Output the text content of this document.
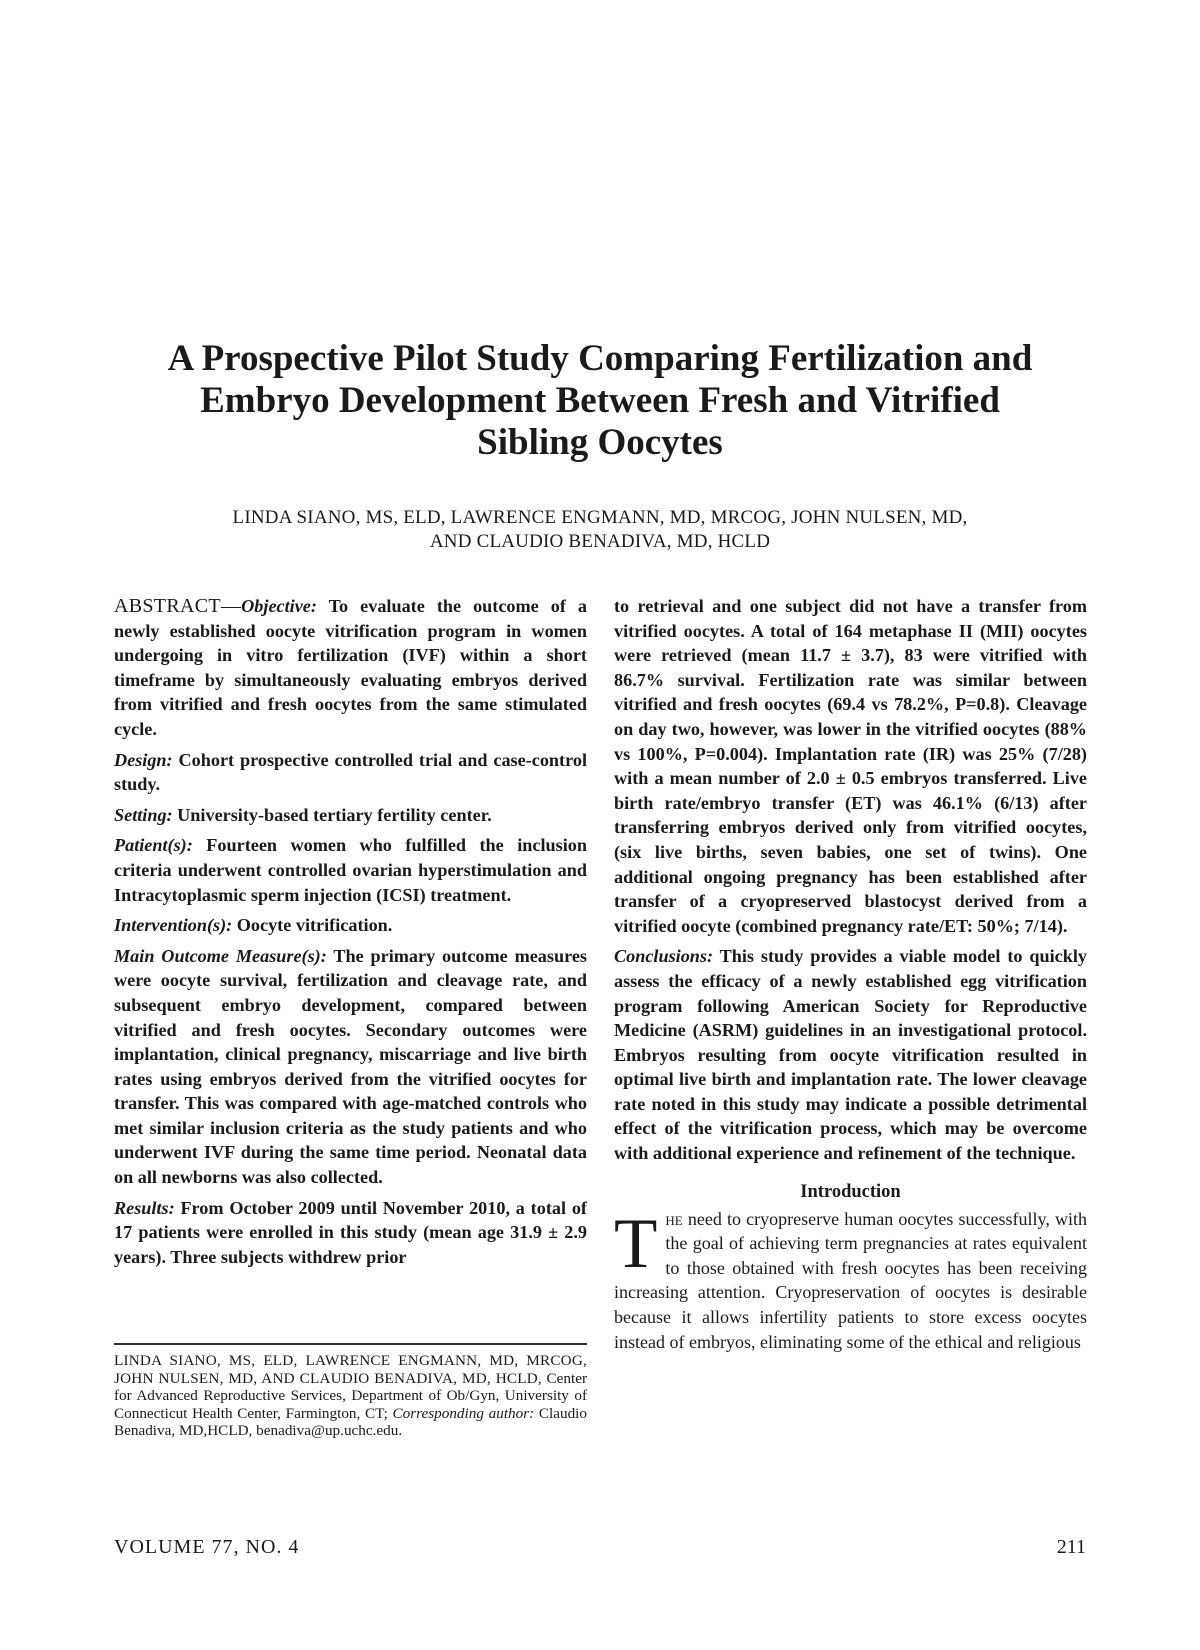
A Prospective Pilot Study Comparing Fertilization and
Embryo Development Between Fresh and Vitrified
Sibling Oocytes
LINDA SIANO, MS, ELD, LAWRENCE ENGMANN, MD, MRCOG, JOHN NULSEN, MD,
AND CLAUDIO BENADIVA, MD, HCLD

ABSTRACT—Objective: To evaluate the outcome of a newly established oocyte vitrification program in women undergoing in vitro fertilization (IVF) within a short timeframe by simultaneously evaluating embryos derived from vitrified and fresh oocytes from the same stimulated cycle.

Design: Cohort prospective controlled trial and case-control study.

Setting: University-based tertiary fertility center.

Patient(s): Fourteen women who fulfilled the inclusion criteria underwent controlled ovarian hyperstimulation and Intracytoplasmic sperm injection (ICSI) treatment.

Intervention(s): Oocyte vitrification.

Main Outcome Measure(s): The primary outcome measures were oocyte survival, fertilization and cleavage rate, and subsequent embryo development, compared between vitrified and fresh oocytes. Secondary outcomes were implantation, clinical pregnancy, miscarriage and live birth rates using embryos derived from the vitrified oocytes for transfer. This was compared with age-matched controls who met similar inclusion criteria as the study patients and who underwent IVF during the same time period. Neonatal data on all newborns was also collected.

Results: From October 2009 until November 2010, a total of 17 patients were enrolled in this study (mean age 31.9 ± 2.9 years). Three subjects withdrew prior

LINDA SIANO, MS, ELD, LAWRENCE ENGMANN, MD, MRCOG, JOHN NULSEN, MD, AND CLAUDIO BENADIVA, MD, HCLD, Center for Advanced Reproductive Services, Department of Ob/Gyn, University of Connecticut Health Center, Farmington, CT; Corresponding author: Claudio Benadiva, MD,HCLD, benadiva@up.uchc.edu.

to retrieval and one subject did not have a transfer from vitrified oocytes. A total of 164 metaphase II (MII) oocytes were retrieved (mean 11.7 ± 3.7), 83 were vitrified with 86.7% survival. Fertilization rate was similar between vitrified and fresh oocytes (69.4 vs 78.2%, P=0.8). Cleavage on day two, however, was lower in the vitrified oocytes (88% vs 100%, P=0.004). Implantation rate (IR) was 25% (7/28) with a mean number of 2.0 ± 0.5 embryos transferred. Live birth rate/embryo transfer (ET) was 46.1% (6/13) after transferring embryos derived only from vitrified oocytes, (six live births, seven babies, one set of twins). One additional ongoing pregnancy has been established after transfer of a cryopreserved blastocyst derived from a vitrified oocyte (combined pregnancy rate/ET: 50%; 7/14).

Conclusions: This study provides a viable model to quickly assess the efficacy of a newly established egg vitrification program following American Society for Reproductive Medicine (ASRM) guidelines in an investigational protocol. Embryos resulting from oocyte vitrification resulted in optimal live birth and implantation rate. The lower cleavage rate noted in this study may indicate a possible detrimental effect of the vitrification process, which may be overcome with additional experience and refinement of the technique.

Introduction

The need to cryopreserve human oocytes successfully, with the goal of achieving term pregnancies at rates equivalent to those obtained with fresh oocytes has been receiving increasing attention. Cryopreservation of oocytes is desirable because it allows infertility patients to store excess oocytes instead of embryos, eliminating some of the ethical and religious

VOLUME 77, NO. 4	211
